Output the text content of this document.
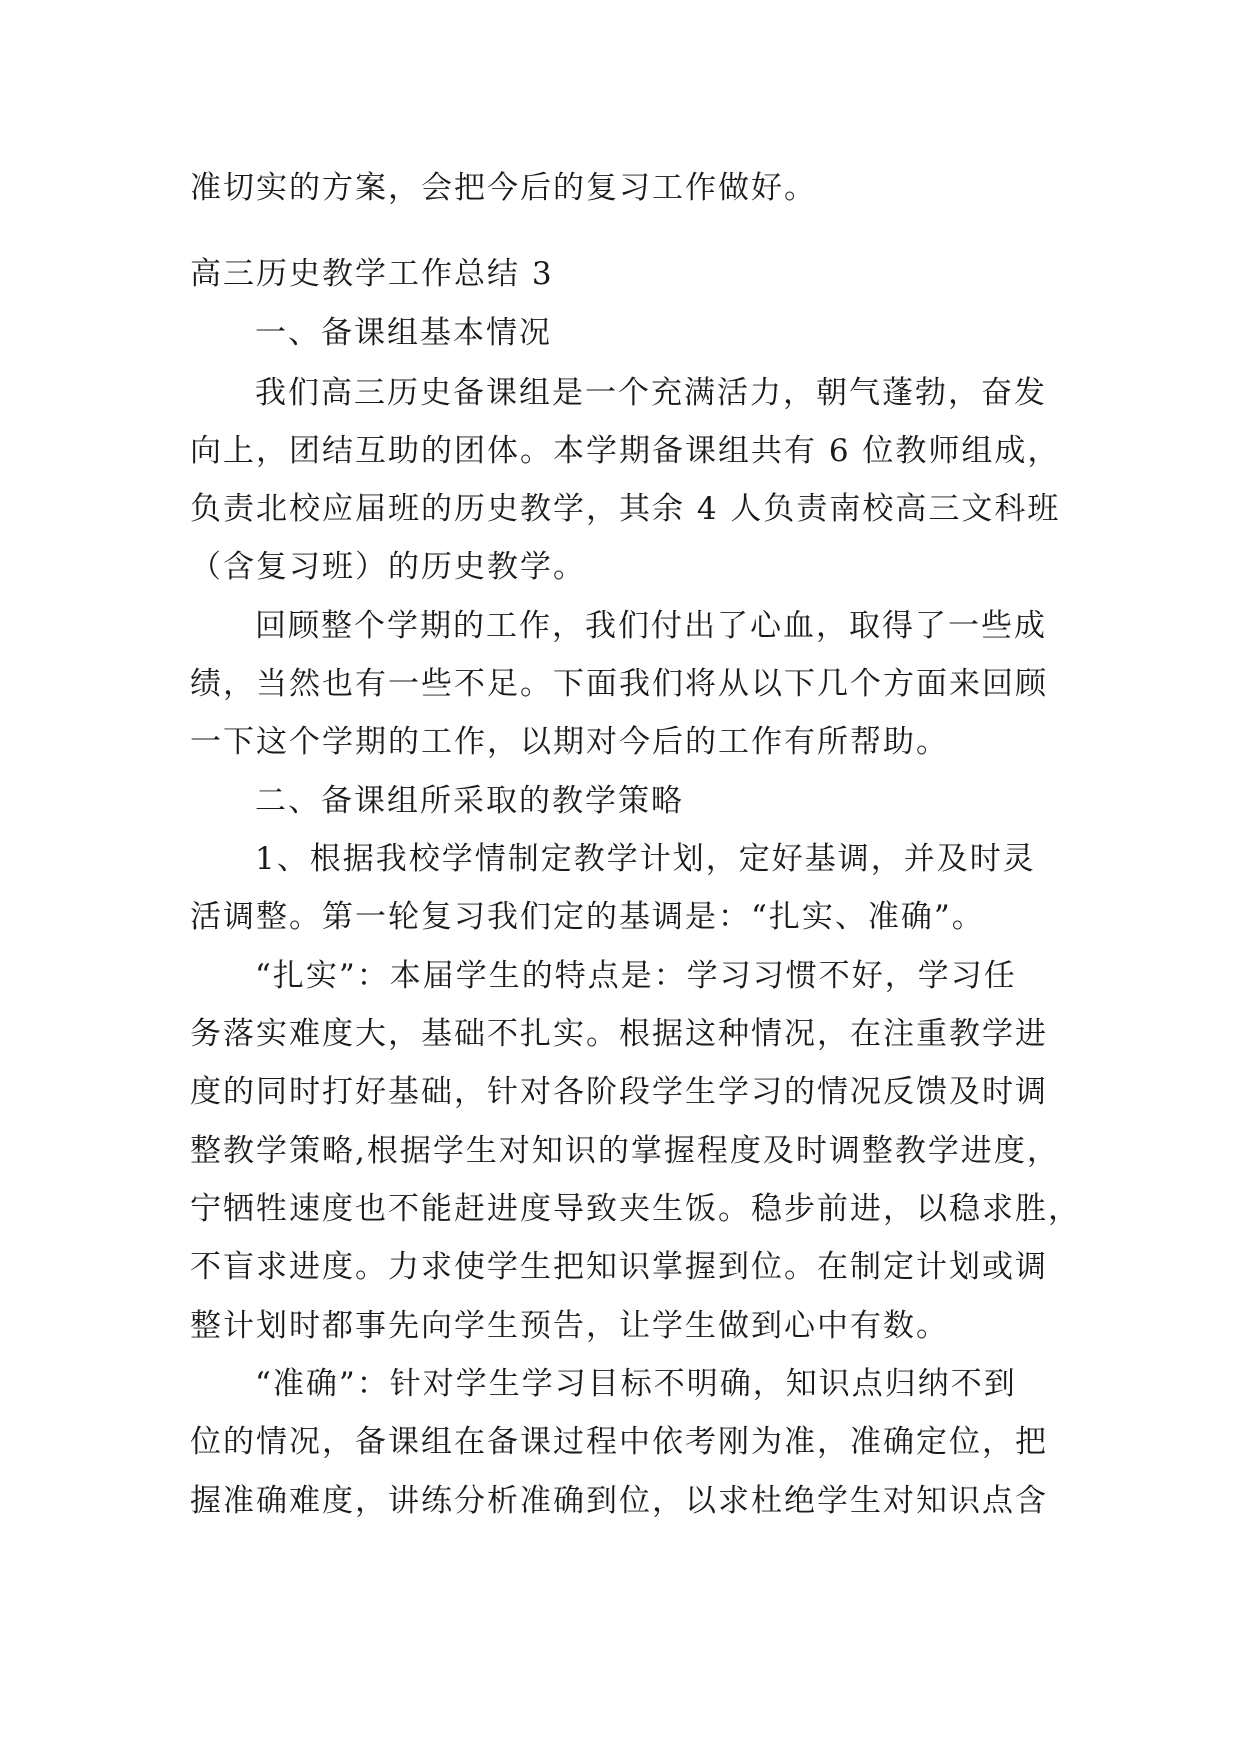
准切实的方案，会把今后的复习工作做好。
高三历史教学工作总结 3
一、备课组基本情况
我们高三历史备课组是一个充满活力，朝气蓬勃，奋发
向上，团结互助的团体。本学期备课组共有 6 位教师组成，
负责北校应届班的历史教学，其余 4 人负责南校高三文科班
（含复习班）的历史教学。
回顾整个学期的工作，我们付出了心血，取得了一些成
绩，当然也有一些不足。下面我们将从以下几个方面来回顾
一下这个学期的工作，以期对今后的工作有所帮助。
二、备课组所采取的教学策略
1、根据我校学情制定教学计划，定好基调，并及时灵
活调整。第一轮复习我们定的基调是：“扎实、准确”。
“扎实”：本届学生的特点是：学习习惯不好，学习任
务落实难度大，基础不扎实。根据这种情况，在注重教学进
度的同时打好基础，针对各阶段学生学习的情况反馈及时调
整教学策略,根据学生对知识的掌握程度及时调整教学进度，
宁牺牲速度也不能赶进度导致夹生饭。稳步前进，以稳求胜，
不盲求进度。力求使学生把知识掌握到位。在制定计划或调
整计划时都事先向学生预告，让学生做到心中有数。
“准确”：针对学生学习目标不明确，知识点归纳不到
位的情况，备课组在备课过程中依考刚为准，准确定位，把
握准确难度，讲练分析准确到位，以求杜绝学生对知识点含
